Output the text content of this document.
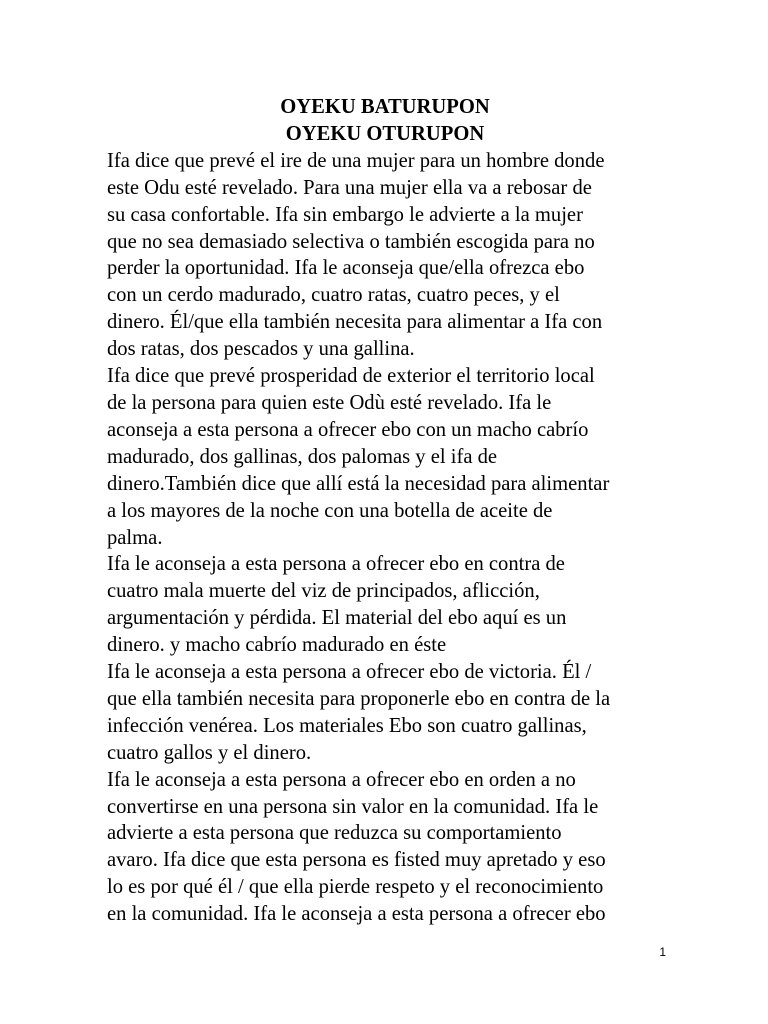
OYEKU BATURUPON
OYEKU OTURUPON

Ifa dice que prevé el ire de una mujer para un hombre donde
este Odu esté revelado. Para una mujer ella va a rebosar de
su casa confortable. Ifa sin embargo le advierte a la mujer
que no sea demasiado selectiva o también escogida para no
perder la oportunidad. Ifa le aconseja que/ella ofrezca ebo
con un cerdo madurado, cuatro ratas, cuatro peces, y el
dinero. Él/que ella también necesita para alimentar a Ifa con
dos ratas, dos pescados y una gallina.

Ifa dice que prevé prosperidad de exterior el territorio local
de la persona para quien este Odù esté revelado. Ifa le
aconseja a esta persona a ofrecer ebo con un macho cabrío
madurado, dos gallinas, dos palomas y el ifa de
dinero.También dice que allí está la necesidad para alimentar
a los mayores de la noche con una botella de aceite de
palma.

Ifa le aconseja a esta persona a ofrecer ebo en contra de
cuatro mala muerte del viz de principados, aflicción,
argumentación y pérdida. El material del ebo aquí es un
dinero. y macho cabrío madurado en éste

Ifa le aconseja a esta persona a ofrecer ebo de victoria. Él /
que ella también necesita para proponerle ebo en contra de la
infección venérea. Los materiales Ebo son cuatro gallinas,
cuatro gallos y el dinero.

Ifa le aconseja a esta persona a ofrecer ebo en orden a no
convertirse en una persona sin valor en la comunidad. Ifa le
advierte a esta persona que reduzca su comportamiento
avaro. Ifa dice que esta persona es fisted muy apretado y eso
lo es por qué él / que ella pierde respeto y el reconocimiento
en la comunidad. Ifa le aconseja a esta persona a ofrecer ebo

1
